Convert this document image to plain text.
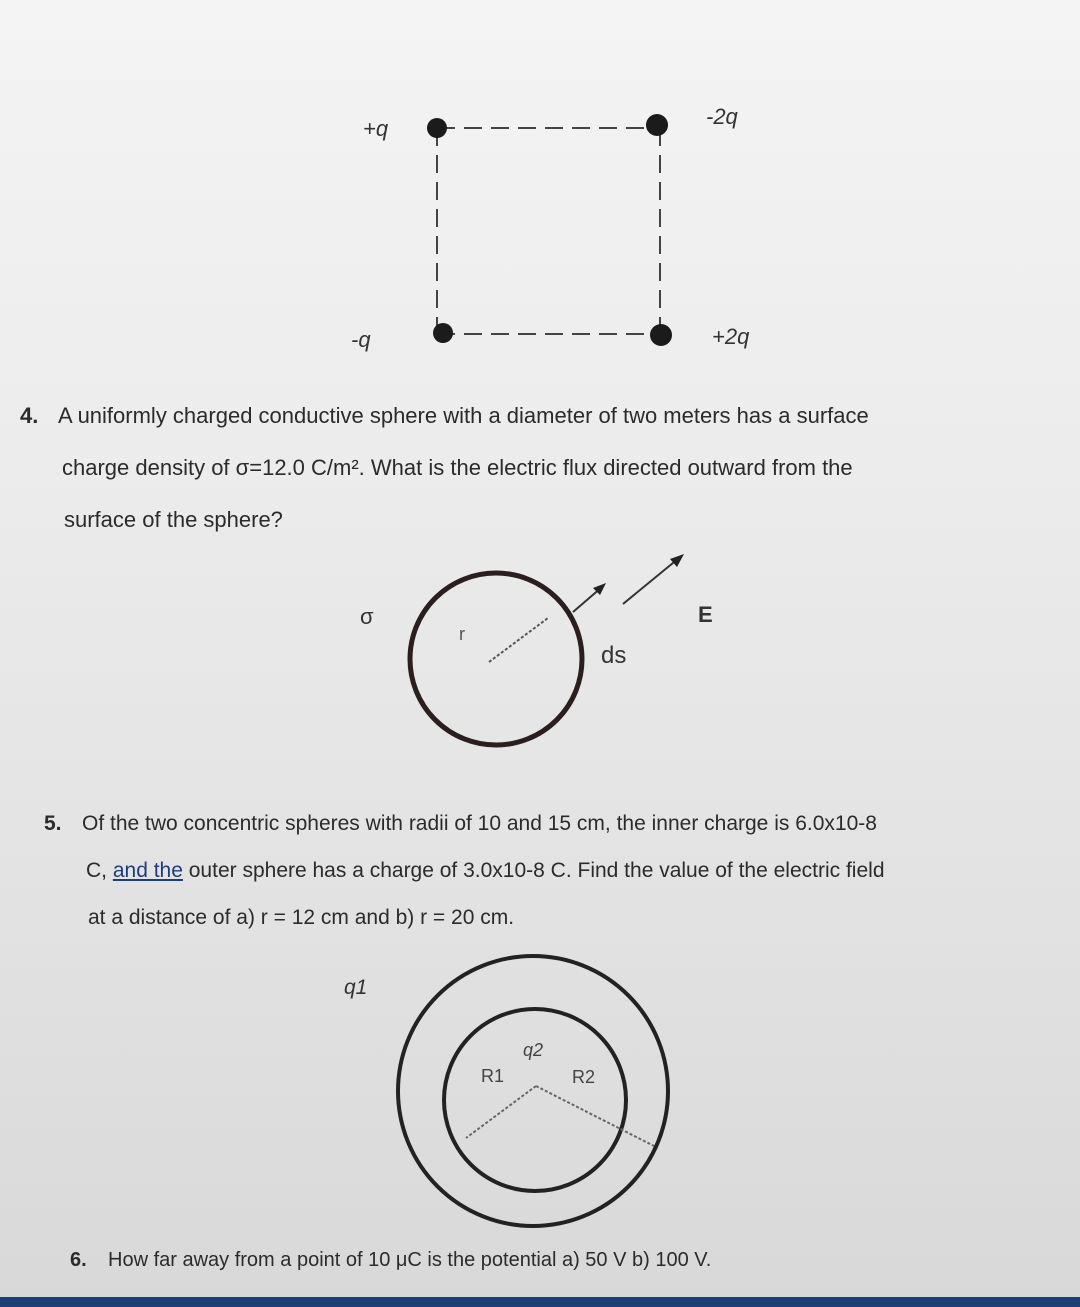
+q	-2q
-q	+2q
4. A uniformly charged conductive sphere with a diameter of two meters has a surface
charge density of σ=12.0 C/m². What is the electric flux directed outward from the
surface of the sphere?
σ
r
ds
E
5. Of the two concentric spheres with radii of 10 and 15 cm, the inner charge is 6.0x10-8
C, and the outer sphere has a charge of 3.0x10-8 C. Find the value of the electric field
at a distance of a) r = 12 cm and b) r = 20 cm.
q1
q2
R1	R2
6. How far away from a point of 10 μC is the potential a) 50 V b) 100 V.
